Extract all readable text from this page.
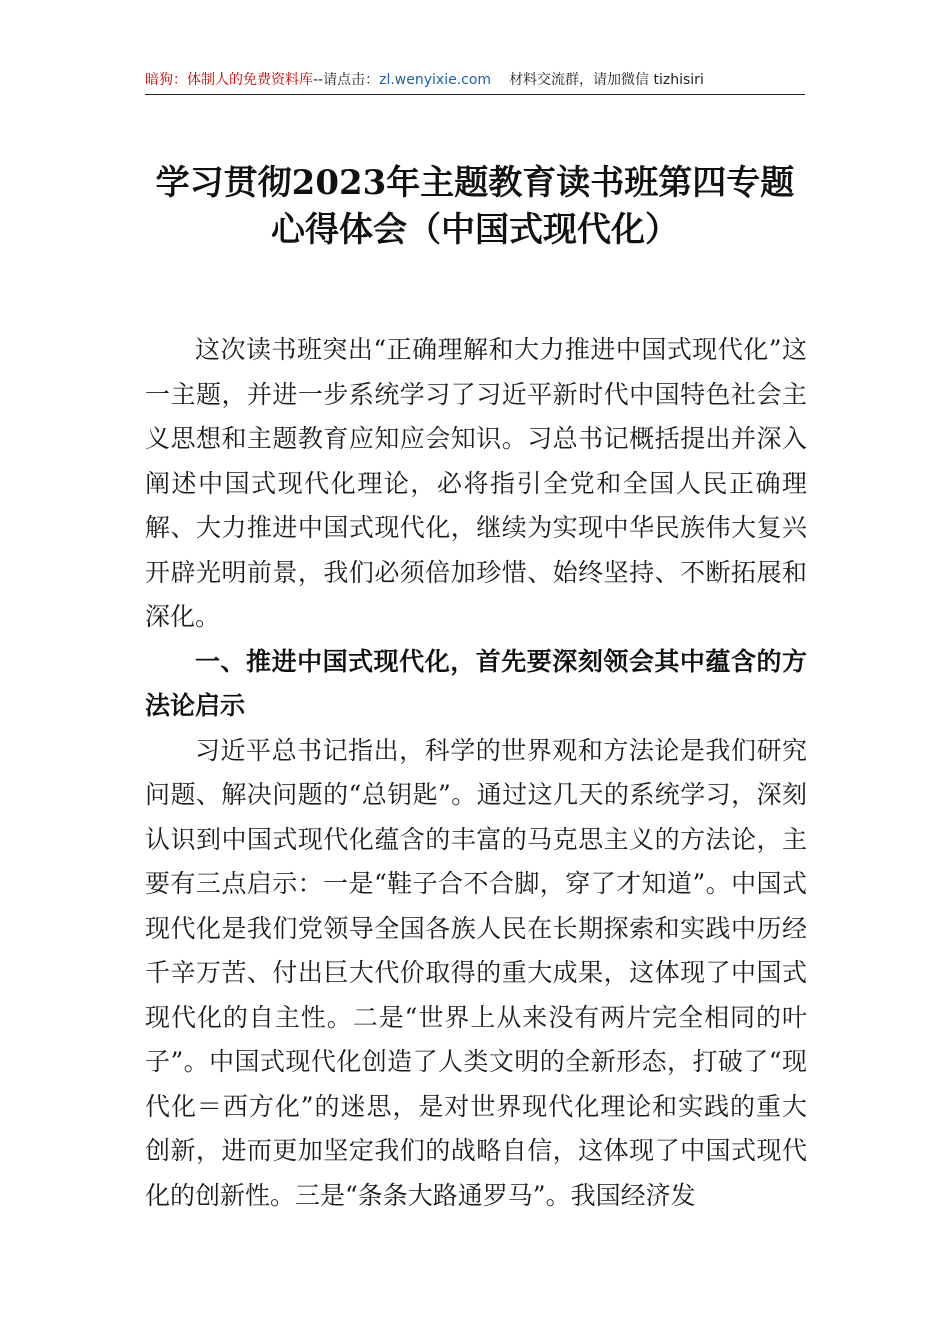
暗狗：体制人的免费资料库--请点击：zl.wenyixie.com 材料交流群，请加微信 tizhisiri
学习贯彻2023年主题教育读书班第四专题
心得体会（中国式现代化）

这次读书班突出“正确理解和大力推进中国式现代化”这一主题，并进一步系统学习了习近平新时代中国特色社会主义思想和主题教育应知应会知识。习总书记概括提出并深入阐述中国式现代化理论，必将指引全党和全国人民正确理解、大力推进中国式现代化，继续为实现中华民族伟大复兴开辟光明前景，我们必须倍加珍惜、始终坚持、不断拓展和深化。

一、推进中国式现代化，首先要深刻领会其中蕴含的方法论启示

习近平总书记指出，科学的世界观和方法论是我们研究问题、解决问题的“总钥匙”。通过这几天的系统学习，深刻认识到中国式现代化蕴含的丰富的马克思主义的方法论，主要有三点启示：一是“鞋子合不合脚，穿了才知道”。中国式现代化是我们党领导全国各族人民在长期探索和实践中历经千辛万苦、付出巨大代价取得的重大成果，这体现了中国式现代化的自主性。二是“世界上从来没有两片完全相同的叶子”。中国式现代化创造了人类文明的全新形态，打破了“现代化＝西方化”的迷思，是对世界现代化理论和实践的重大创新，进而更加坚定我们的战略自信，这体现了中国式现代化的创新性。三是“条条大路通罗马”。我国经济发
